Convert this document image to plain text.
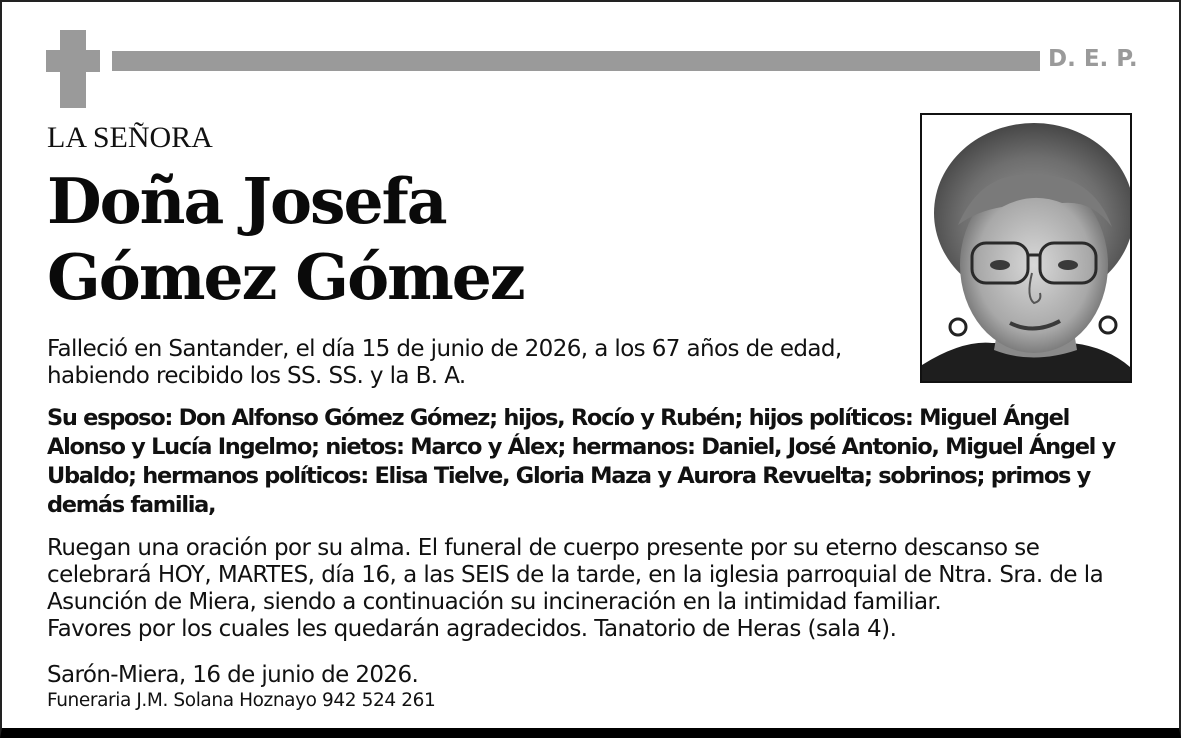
D. E. P.
LA SEÑORA
Doña Josefa
Gómez Gómez
Falleció en Santander, el día 15 de junio de 2026, a los 67 años de edad,
habiendo recibido los SS. SS. y la B. A.
Su esposo: Don Alfonso Gómez Gómez; hijos, Rocío y Rubén; hijos políticos: Miguel Ángel Alonso y Lucía Ingelmo; nietos: Marco y Álex; hermanos: Daniel, José Antonio, Miguel Ángel y Ubaldo; hermanos políticos: Elisa Tielve, Gloria Maza y Aurora Revuelta; sobrinos; primos y demás familia,
Ruegan una oración por su alma. El funeral de cuerpo presente por su eterno descanso se celebrará HOY, MARTES, día 16, a las SEIS de la tarde, en la iglesia parroquial de Ntra. Sra. de la Asunción de Miera, siendo a continuación su incineración en la intimidad familiar.
Favores por los cuales les quedarán agradecidos. Tanatorio de Heras (sala 4).
Sarón-Miera, 16 de junio de 2026.
Funeraria J.M. Solana Hoznayo 942 524 261
